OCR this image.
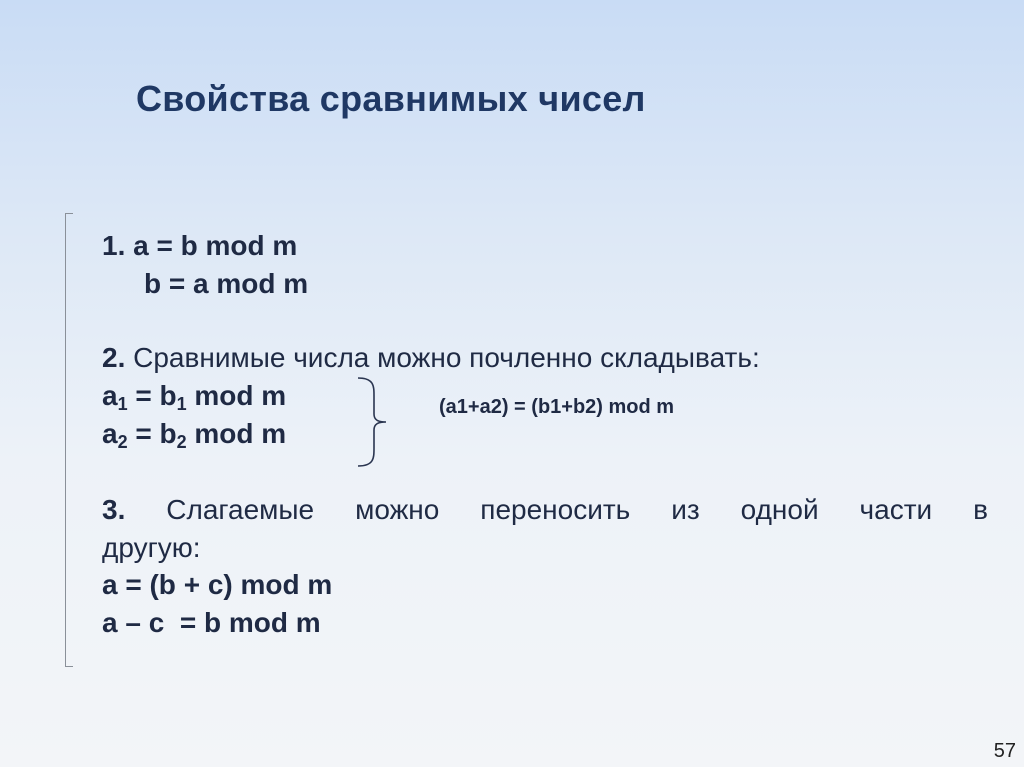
Свойства сравнимых чисел
1. a = b mod m
b = a mod m
2. Сравнимые числа можно почленно складывать:
$a_1 = b_1$ mod m
$a_2 = b_2$ mod m
(a1+a2) = (b1+b2) mod m
3. Слагаемые можно переносить из одной части в
другую:
a = (b + c) mod m
a – c  = b mod m
57
